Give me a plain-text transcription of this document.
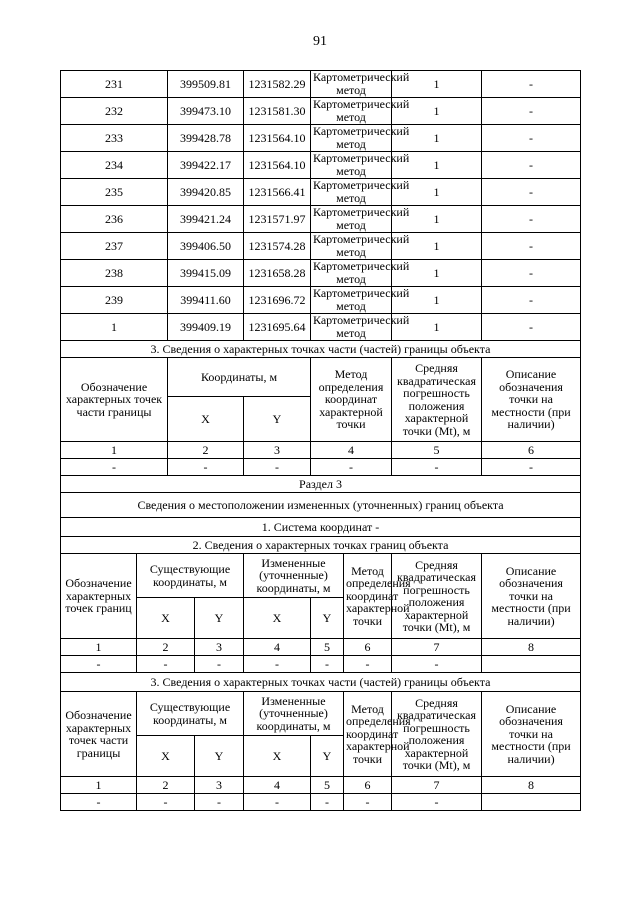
91
231		399509.81		1231582.29	Картометрический метод		1	-
232		399473.10		1231581.30	Картометрический метод		1	-
233		399428.78		1231564.10	Картометрический метод		1	-
234		399422.17		1231564.10	Картометрический метод		1	-
235		399420.85		1231566.41	Картометрический метод		1	-
236		399421.24		1231571.97	Картометрический метод		1	-
237		399406.50		1231574.28	Картометрический метод		1	-
238		399415.09		1231658.28	Картометрический метод		1	-
239		399411.60		1231696.72	Картометрический метод		1	-
1		399409.19		1231695.64	Картометрический метод		1	-
3. Сведения о характерных точках части (частей) границы объекта								
Обозначение характерных точек части границы		Координаты, м			Метод определения координат характерной точки		Средняя квадратическая погрешность положения характерной точки (Mt), м	Описание обозначения точки на местности (при наличии)
		X		Y				
1		2		3	4		5	6
-		-		-	-		-	-
Раздел 3								
Сведения о местоположении измененных (уточненных) границ объекта								
1. Система координат -								
2. Сведения о характерных точках границ объекта								
Обозначение характерных точек границ	Существующие координаты, м			Измененные (уточненные) координаты, м		Метод определения координат характерной точки	Средняя квадратическая погрешность положения характерной точки (Mt), м	Описание обозначения точки на местности (при наличии)
	X		Y	X	Y			
1	2		3	4	5	6	7	8
-	-		-	-	-	-	-	
3. Сведения о характерных точках части (частей) границы объекта								
Обозначение характерных точек части границы	Существующие координаты, м			Измененные (уточненные) координаты, м		Метод определения координат характерной точки	Средняя квадратическая погрешность положения характерной точки (Mt), м	Описание обозначения точки на местности (при наличии)
	X		Y	X	Y			
1	2		3	4	5	6	7	8
-	-		-	-	-	-	-	
